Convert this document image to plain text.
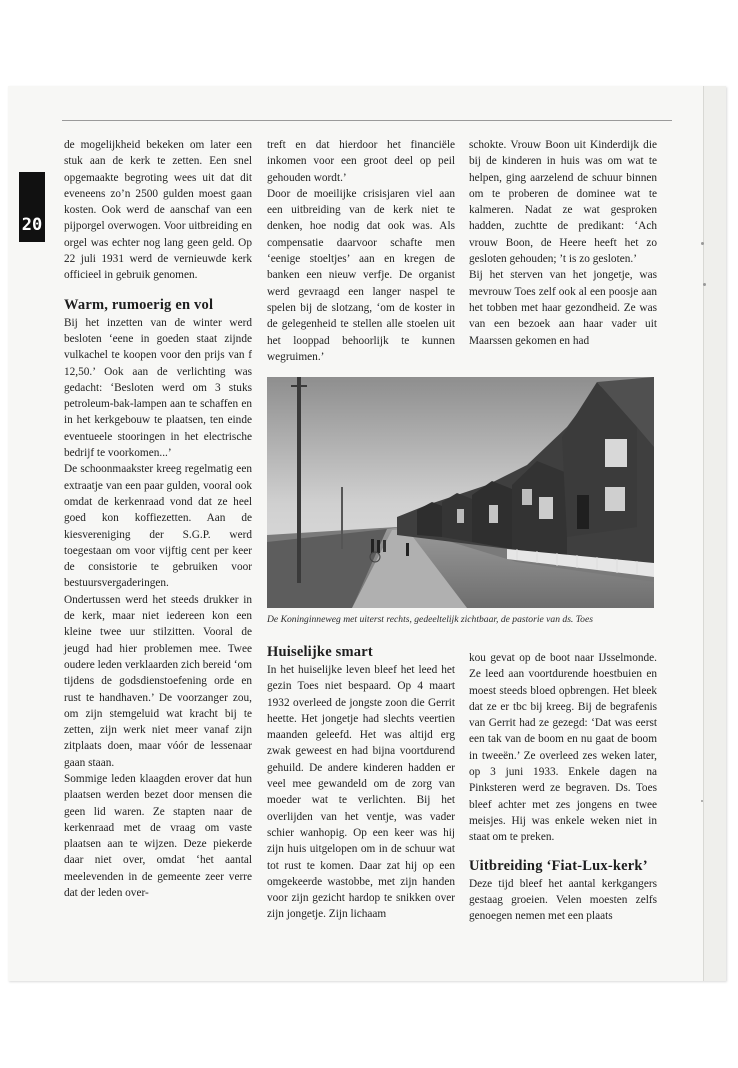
20

de mogelijkheid bekeken om later een stuk aan de kerk te zetten. Een snel opgemaakte begroting wees uit dat dit eveneens zo’n 2500 gulden moest gaan kosten. Ook werd de aanschaf van een pijporgel overwogen. Voor uitbreiding en orgel was echter nog lang geen geld. Op 22 juli 1931 werd de vernieuwde kerk officieel in gebruik genomen.

Warm, rumoerig en vol

Bij het inzetten van de winter werd besloten ‘eene in goeden staat zijnde vulkachel te koopen voor den prijs van f 12,50.’ Ook aan de verlichting was gedacht: ‘Besloten werd om 3 stuks petroleum-bak-lampen aan te schaffen en in het kerkgebouw te plaatsen, ten einde eventueele stooringen in het electrische bedrijf te voorkomen...’

De schoonmaakster kreeg regelmatig een extraatje van een paar gulden, vooral ook omdat de kerkenraad vond dat ze heel goed kon koffiezetten. Aan de kiesvereniging der S.G.P. werd toegestaan om voor vijftig cent per keer de consistorie te gebruiken voor bestuursvergaderingen.

Ondertussen werd het steeds drukker in de kerk, maar niet iedereen kon een kleine twee uur stilzitten. Vooral de jeugd had hier problemen mee. Twee oudere leden verklaarden zich bereid ‘om tijdens de godsdienstoefening orde en rust te handhaven.’ De voorzanger zou, om zijn stemgeluid wat kracht bij te zetten, zijn werk niet meer vanaf zijn zitplaats doen, maar vóór de lessenaar gaan staan.

Sommige leden klaagden erover dat hun plaatsen werden bezet door mensen die geen lid waren. Ze stapten naar de kerkenraad met de vraag om vaste plaatsen aan te wijzen. Deze piekerde daar niet over, omdat ‘het aantal meelevenden in de gemeente zeer verre dat der leden over-

treft en dat hierdoor het financiële inkomen voor een groot deel op peil gehouden wordt.’

Door de moeilijke crisisjaren viel aan een uitbreiding van de kerk niet te denken, hoe nodig dat ook was. Als compensatie daarvoor schafte men ‘eenige stoeltjes’ aan en kregen de banken een nieuw verfje. De organist werd gevraagd een langer naspel te spelen bij de slotzang, ‘om de koster in de gelegenheid te stellen alle stoelen uit het looppad behoorlijk te kunnen wegruimen.’

schokte. Vrouw Boon uit Kinderdijk die bij de kinderen in huis was om wat te helpen, ging aarzelend de schuur binnen om te proberen de dominee wat te kalmeren. Nadat ze wat gesproken hadden, zuchtte de predikant: ‘Ach vrouw Boon, de Heere heeft het zo gesloten gehouden; ’t is zo gesloten.’

Bij het sterven van het jongetje, was mevrouw Toes zelf ook al een poosje aan het tobben met haar gezondheid. Ze was van een bezoek aan haar vader uit Maarssen gekomen en had

De Koninginneweg met uiterst rechts, gedeeltelijk zichtbaar, de pastorie van ds. Toes
Huiselijke smart

In het huiselijke leven bleef het leed het gezin Toes niet bespaard. Op 4 maart 1932 overleed de jongste zoon die Gerrit heette. Het jongetje had slechts veertien maanden geleefd. Het was altijd erg zwak geweest en had bijna voortdurend gehuild. De andere kinderen hadden er veel mee gewandeld om de zorg van moeder wat te verlichten. Bij het overlijden van het ventje, was vader schier wanhopig. Op een keer was hij zijn huis uitgelopen om in de schuur wat tot rust te komen. Daar zat hij op een omgekeerde wastobbe, met zijn handen voor zijn gezicht hardop te snikken over zijn jongetje. Zijn lichaam

kou gevat op de boot naar IJsselmonde. Ze leed aan voortdurende hoestbuien en moest steeds bloed opbrengen. Het bleek dat ze er tbc bij kreeg. Bij de begrafenis van Gerrit had ze gezegd: ‘Dat was eerst een tak van de boom en nu gaat de boom in tweeën.’ Ze overleed zes weken later, op 3 juni 1933. Enkele dagen na Pinksteren werd ze begraven. Ds. Toes bleef achter met zes jongens en twee meisjes. Hij was enkele weken niet in staat om te preken.

Uitbreiding ‘Fiat-Lux-kerk’

Deze tijd bleef het aantal kerkgangers gestaag groeien. Velen moesten zelfs genoegen nemen met een plaats
